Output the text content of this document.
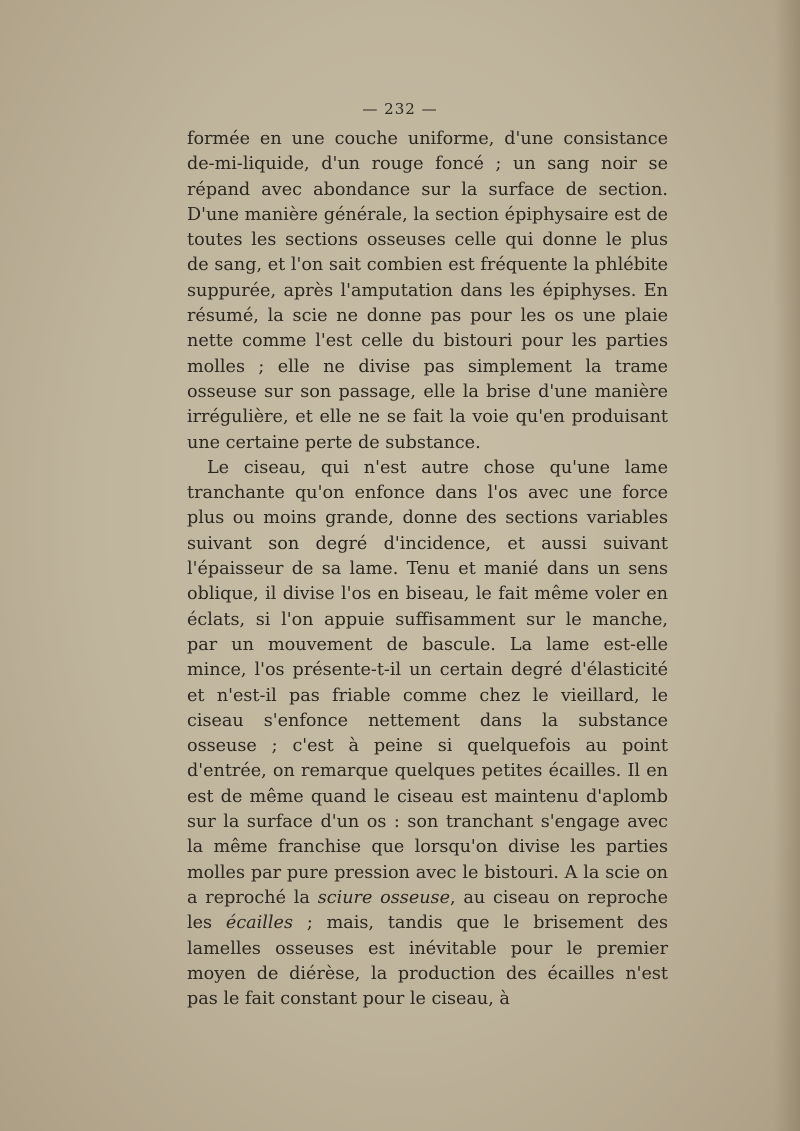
— 232 —

formée en une couche uniforme, d'une consistance de-mi-liquide, d'un rouge foncé ; un sang noir se répand avec abondance sur la surface de section. D'une manière générale, la section épiphysaire est de toutes les sections osseuses celle qui donne le plus de sang, et l'on sait combien est fréquente la phlébite suppurée, après l'amputation dans les épiphyses. En résumé, la scie ne donne pas pour les os une plaie nette comme l'est celle du bistouri pour les parties molles ; elle ne divise pas simplement la trame osseuse sur son passage, elle la brise d'une manière irrégulière, et elle ne se fait la voie qu'en produisant une certaine perte de substance.

Le ciseau, qui n'est autre chose qu'une lame tranchante qu'on enfonce dans l'os avec une force plus ou moins grande, donne des sections variables suivant son degré d'incidence, et aussi suivant l'épaisseur de sa lame. Tenu et manié dans un sens oblique, il divise l'os en biseau, le fait même voler en éclats, si l'on appuie suffisamment sur le manche, par un mouvement de bascule. La lame est-elle mince, l'os présente-t-il un certain degré d'élasticité et n'est-il pas friable comme chez le vieillard, le ciseau s'enfonce nettement dans la substance osseuse ; c'est à peine si quelquefois au point d'entrée, on remarque quelques petites écailles. Il en est de même quand le ciseau est maintenu d'aplomb sur la surface d'un os : son tranchant s'engage avec la même franchise que lorsqu'on divise les parties molles par pure pression avec le bistouri. A la scie on a reproché la sciure osseuse, au ciseau on reproche les écailles ; mais, tandis que le brisement des lamelles osseuses est inévitable pour le premier moyen de diérèse, la production des écailles n'est pas le fait constant pour le ciseau, à
